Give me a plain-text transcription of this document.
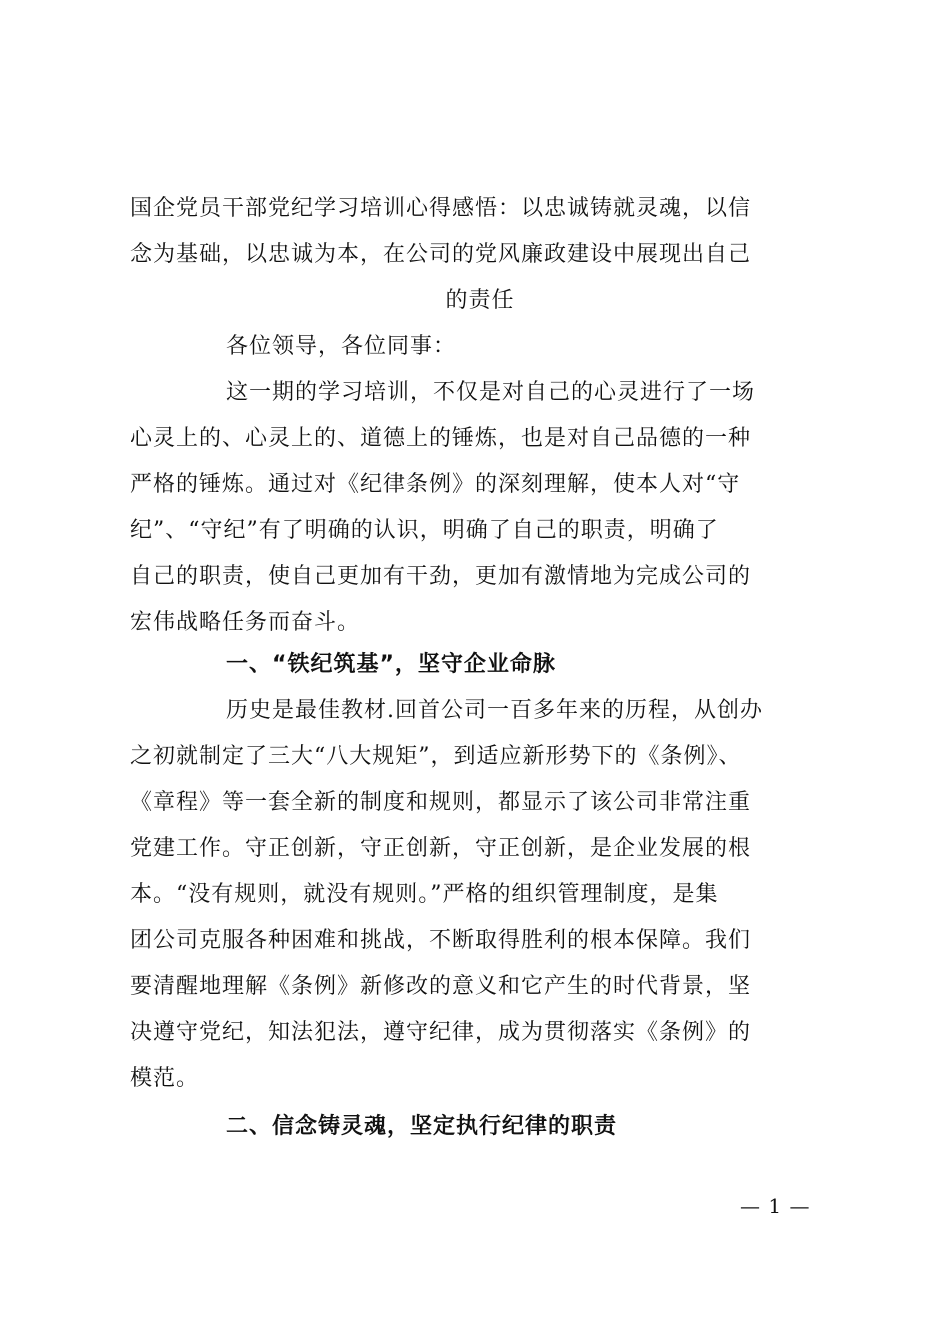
国企党员干部党纪学习培训心得感悟：以忠诚铸就灵魂，以信
念为基础，以忠诚为本，在公司的党风廉政建设中展现出自己
的责任

各位领导，各位同事：

这一期的学习培训，不仅是对自己的心灵进行了一场
心灵上的、心灵上的、道德上的锤炼，也是对自己品德的一种
严格的锤炼。通过对《纪律条例》的深刻理解，使本人对“守
纪”、“守纪”有了明确的认识，明确了自己的职责，明确了
自己的职责，使自己更加有干劲，更加有激情地为完成公司的
宏伟战略任务而奋斗。

一、“铁纪筑基”，坚守企业命脉

历史是最佳教材.回首公司一百多年来的历程，从创办
之初就制定了三大“八大规矩”，到适应新形势下的《条例》、
《章程》等一套全新的制度和规则，都显示了该公司非常注重
党建工作。守正创新，守正创新，守正创新，是企业发展的根
本。“没有规则，就没有规则。”严格的组织管理制度，是集
团公司克服各种困难和挑战，不断取得胜利的根本保障。我们
要清醒地理解《条例》新修改的意义和它产生的时代背景，坚
决遵守党纪，知法犯法，遵守纪律，成为贯彻落实《条例》的
模范。

二、信念铸灵魂，坚定执行纪律的职责
— 1 —
